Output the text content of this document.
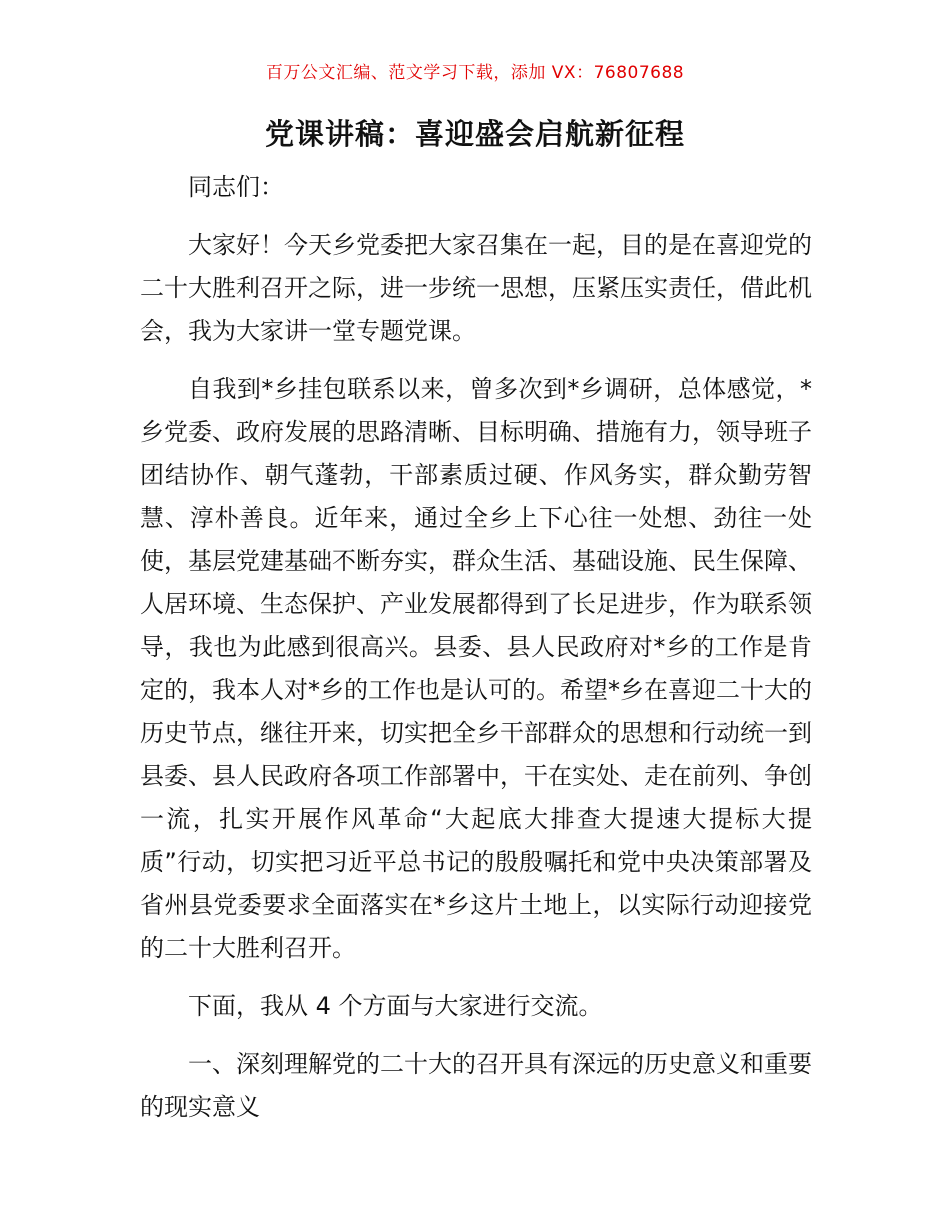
百万公文汇编、范文学习下载，添加 VX：76807688
党课讲稿：喜迎盛会启航新征程

同志们：

大家好！今天乡党委把大家召集在一起，目的是在喜迎党的二十大胜利召开之际，进一步统一思想，压紧压实责任，借此机会，我为大家讲一堂专题党课。

自我到*乡挂包联系以来，曾多次到*乡调研，总体感觉，*乡党委、政府发展的思路清晰、目标明确、措施有力，领导班子团结协作、朝气蓬勃，干部素质过硬、作风务实，群众勤劳智慧、淳朴善良。近年来，通过全乡上下心往一处想、劲往一处使，基层党建基础不断夯实，群众生活、基础设施、民生保障、人居环境、生态保护、产业发展都得到了长足进步，作为联系领导，我也为此感到很高兴。县委、县人民政府对*乡的工作是肯定的，我本人对*乡的工作也是认可的。希望*乡在喜迎二十大的历史节点，继往开来，切实把全乡干部群众的思想和行动统一到县委、县人民政府各项工作部署中，干在实处、走在前列、争创一流，扎实开展作风革命“大起底大排查大提速大提标大提质”行动，切实把习近平总书记的殷殷嘱托和党中央决策部署及省州县党委要求全面落实在*乡这片土地上，以实际行动迎接党的二十大胜利召开。

下面，我从 4 个方面与大家进行交流。

一、深刻理解党的二十大的召开具有深远的历史意义和重要的现实意义
